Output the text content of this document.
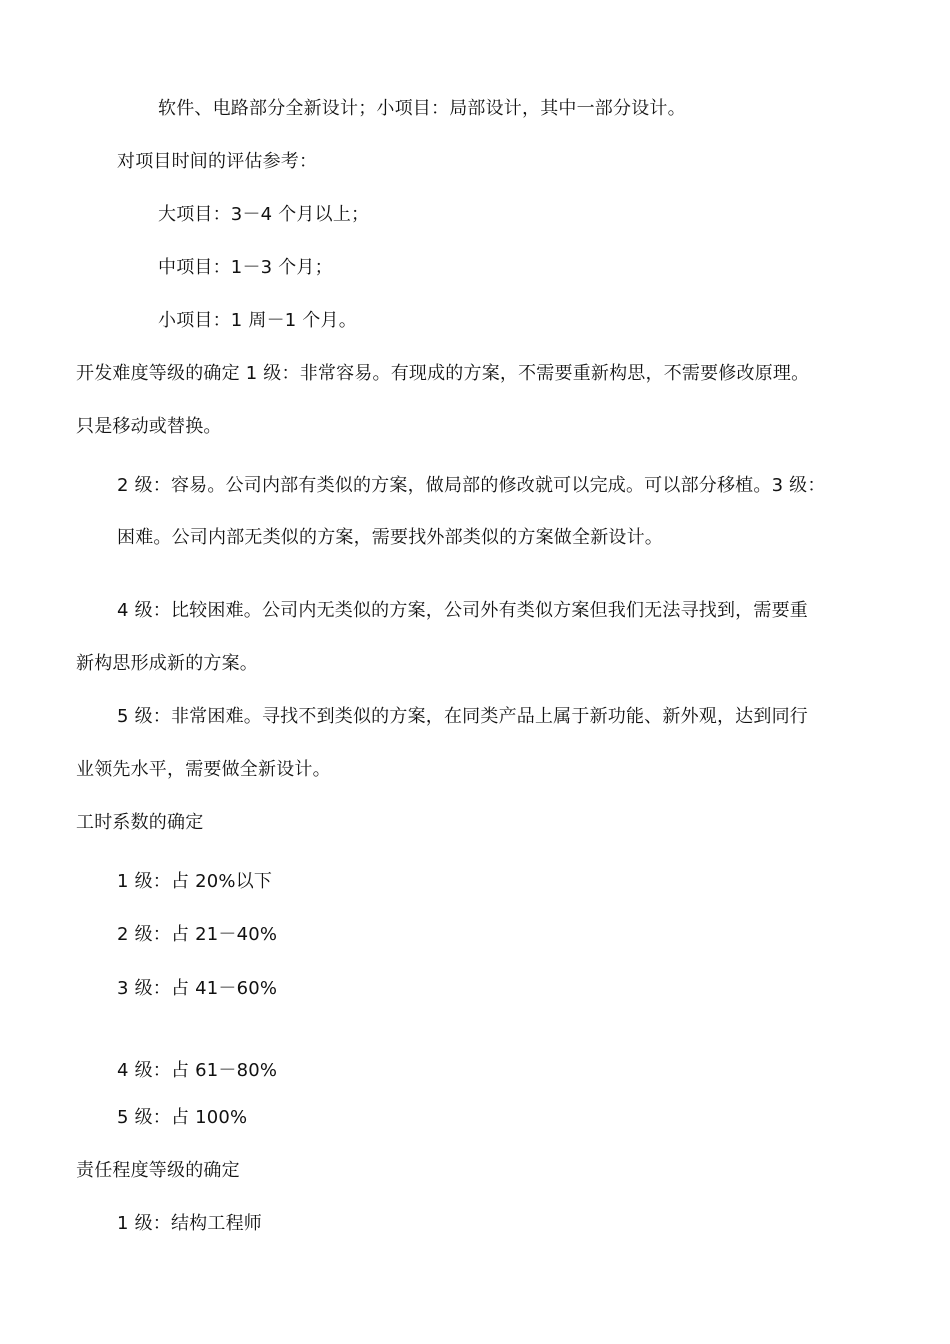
软件、电路部分全新设计；小项目：局部设计，其中一部分设计。
对项目时间的评估参考：
大项目：3－4 个月以上；
中项目：1－3 个月；
小项目：1 周－1 个月。
开发难度等级的确定 1 级：非常容易。有现成的方案，不需要重新构思，不需要修改原理。
只是移动或替换。
2 级：容易。公司内部有类似的方案，做局部的修改就可以完成。可以部分移植。3 级：
困难。公司内部无类似的方案，需要找外部类似的方案做全新设计。
4 级：比较困难。公司内无类似的方案，公司外有类似方案但我们无法寻找到，需要重
新构思形成新的方案。
5 级：非常困难。寻找不到类似的方案，在同类产品上属于新功能、新外观，达到同行
业领先水平，需要做全新设计。
工时系数的确定
1 级：占 20%以下
2 级：占 21－40%
3 级：占 41－60%
4 级：占 61－80%
5 级：占 100%
责任程度等级的确定
1 级：结构工程师
